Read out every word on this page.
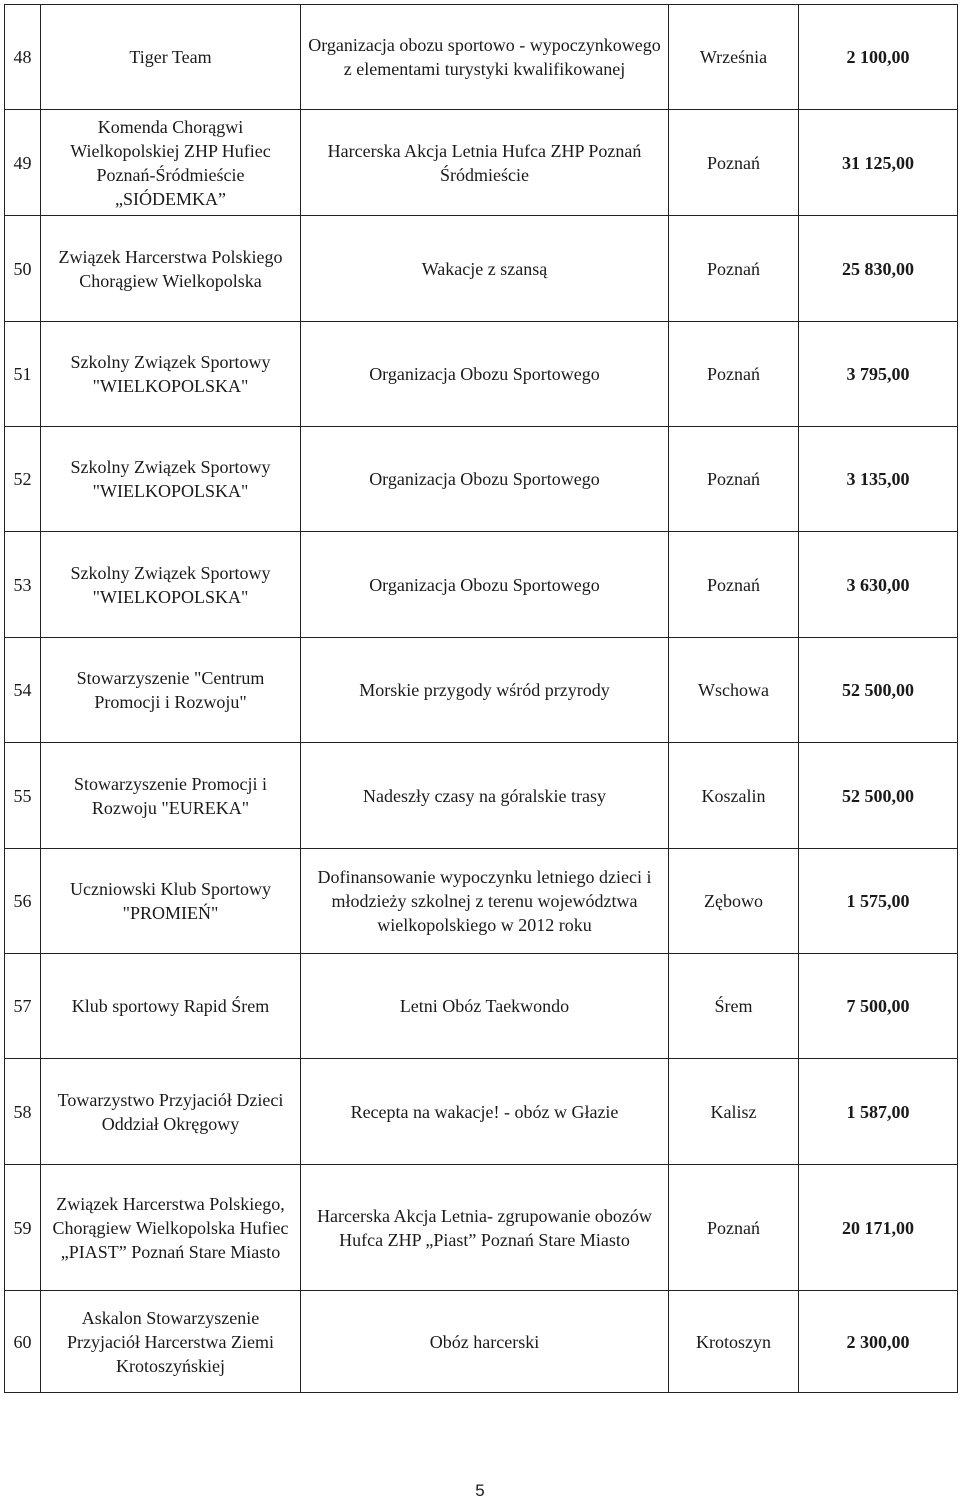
48	Tiger Team	Organizacja obozu sportowo - wypoczynkowego z elementami turystyki kwalifikowanej	Września	2 100,00
49	Komenda Chorągwi Wielkopolskiej ZHP Hufiec Poznań-Śródmieście „SIÓDEMKA”	Harcerska Akcja Letnia Hufca ZHP Poznań Śródmieście	Poznań	31 125,00
50	Związek Harcerstwa Polskiego Chorągiew Wielkopolska	Wakacje z szansą	Poznań	25 830,00
51	Szkolny Związek Sportowy "WIELKOPOLSKA"	Organizacja Obozu Sportowego	Poznań	3 795,00
52	Szkolny Związek Sportowy "WIELKOPOLSKA"	Organizacja Obozu Sportowego	Poznań	3 135,00
53	Szkolny Związek Sportowy "WIELKOPOLSKA"	Organizacja Obozu Sportowego	Poznań	3 630,00
54	Stowarzyszenie "Centrum Promocji i Rozwoju"	Morskie przygody wśród przyrody	Wschowa	52 500,00
55	Stowarzyszenie Promocji i Rozwoju "EUREKA"	Nadeszły czasy na góralskie trasy	Koszalin	52 500,00
56	Uczniowski Klub Sportowy "PROMIEŃ"	Dofinansowanie wypoczynku letniego dzieci i młodzieży szkolnej z terenu województwa wielkopolskiego w 2012 roku	Zębowo	1 575,00
57	Klub sportowy Rapid Śrem	Letni Obóz Taekwondo	Śrem	7 500,00
58	Towarzystwo Przyjaciół Dzieci Oddział Okręgowy	Recepta na wakacje! - obóz w Głazie	Kalisz	1 587,00
59	Związek Harcerstwa Polskiego, Chorągiew Wielkopolska Hufiec „PIAST” Poznań Stare Miasto	Harcerska Akcja Letnia- zgrupowanie obozów Hufca ZHP „Piast” Poznań Stare Miasto	Poznań	20 171,00
60	Askalon Stowarzyszenie Przyjaciół Harcerstwa Ziemi Krotoszyńskiej	Obóz harcerski	Krotoszyn	2 300,00
5
